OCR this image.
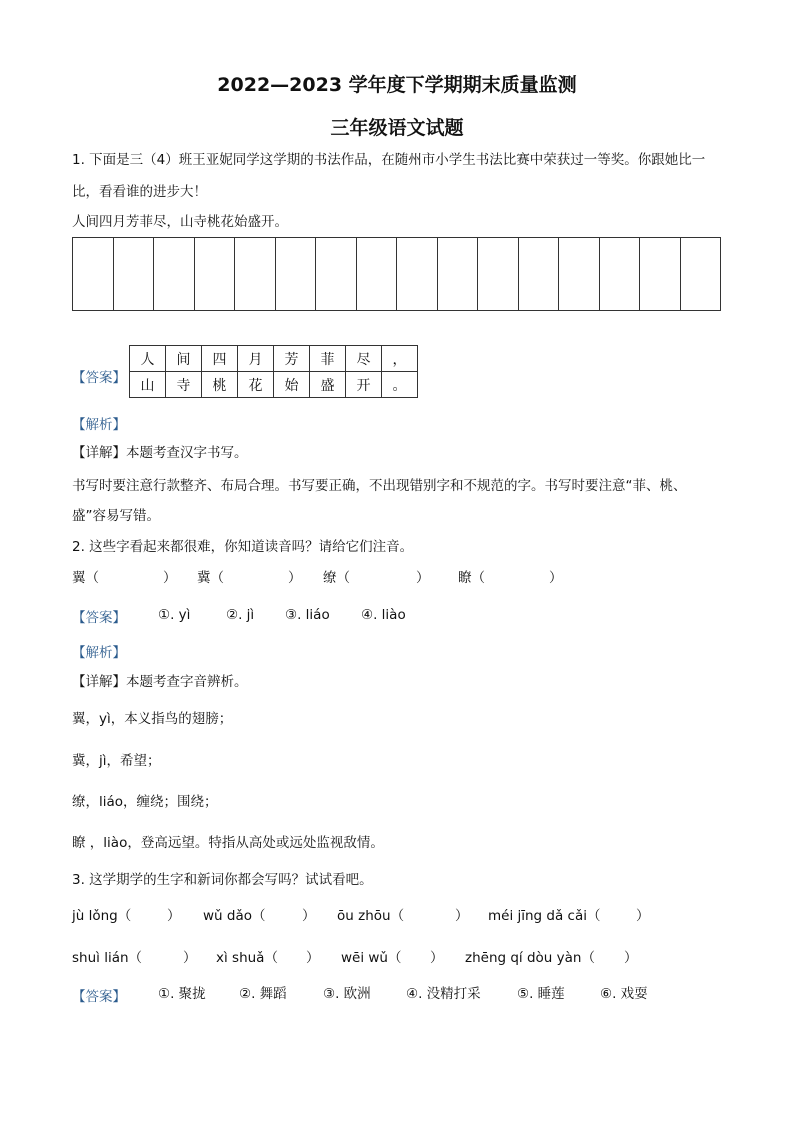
2022—2023 学年度下学期期末质量监测
三年级语文试题
1. 下面是三（4）班王亚妮同学这学期的书法作品，在随州市小学生书法比赛中荣获过一等奖。你跟她比一
比，看看谁的进步大！
人间四月芳菲尽，山寺桃花始盛开。
【答案】
人	间	四	月	芳	菲	尽	，
山	寺	桃	花	始	盛	开	。
【解析】
【详解】本题考查汉字书写。
书写时要注意行款整齐、布局合理。书写要正确，不出现错别字和不规范的字。书写时要注意“菲、桃、
盛”容易写错。
2. 这些字看起来都很难，你知道读音吗？请给它们注音。
翼（	） 冀（	） 缭（	） 瞭（	）
【答案】 ①. yì	②. jì ③. liáo ④. liào
【解析】
【详解】本题考查字音辨析。
翼，yì，本义指鸟的翅膀；
冀，jì，希望；
缭，liáo，缠绕；围绕；
瞭 ，liào，登高远望。特指从高处或远处监视敌情。
3. 这学期学的生字和新词你都会写吗？试试看吧。
jù lǒng（	） wǔ dǎo（	） ōu zhōu（	） méi jīng dǎ cǎi（	）
shuì lián（	） xì shuǎ（ ） wēi wǔ（ ） zhēng qí dòu yàn（ ）
【答案】 ①. 聚拢 ②. 舞蹈	③. 欧洲	④. 没精打采	⑤. 睡莲	⑥. 戏耍
